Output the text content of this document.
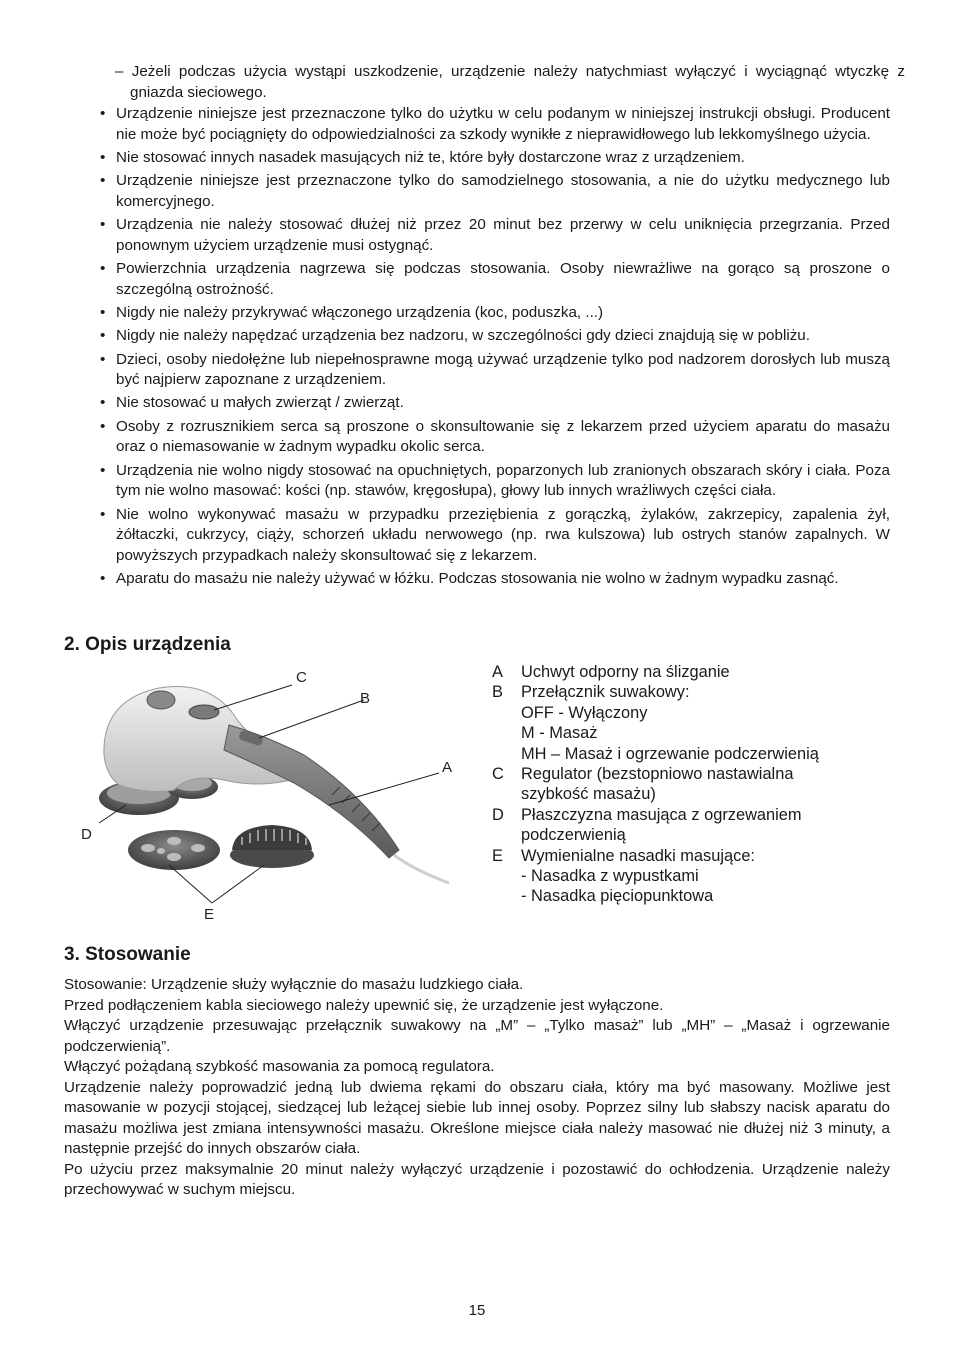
– Jeżeli podczas użycia wystąpi uszkodzenie, urządzenie należy natychmiast wyłączyć i wyciągnąć wtyczkę z gniazda sieciowego.
• Urządzenie niniejsze jest przeznaczone tylko do użytku w celu podanym w niniejszej instrukcji obsługi. Producent nie może być pociągnięty do odpowiedzialności za szkody wynikłe z nieprawidłowego lub lekkomyślnego użycia.
• Nie stosować innych nasadek masujących niż te, które były dostarczone wraz z urządzeniem.
• Urządzenie niniejsze jest przeznaczone tylko do samodzielnego stosowania, a nie do użytku medycznego lub komercyjnego.
• Urządzenia nie należy stosować dłużej niż przez 20 minut bez przerwy w celu uniknięcia przegrzania. Przed ponownym użyciem urządzenie musi ostygnąć.
• Powierzchnia urządzenia nagrzewa się podczas stosowania. Osoby niewrażliwe na gorąco są proszone o szczególną ostrożność.
• Nigdy nie należy przykrywać włączonego urządzenia (koc, poduszka, ...)
• Nigdy nie należy napędzać urządzenia bez nadzoru, w szczególności gdy dzieci znajdują się w pobliżu.
• Dzieci, osoby niedołężne lub niepełnosprawne mogą używać urządzenie tylko pod nadzorem dorosłych lub muszą być najpierw zapoznane z urządzeniem.
• Nie stosować u małych zwierząt / zwierząt.
• Osoby z rozrusznikiem serca są proszone o skonsultowanie się z lekarzem przed użyciem aparatu do masażu oraz o niemasowanie w żadnym wypadku okolic serca.
• Urządzenia nie wolno nigdy stosować na opuchniętych, poparzonych lub zranionych obszarach skóry i ciała. Poza tym nie wolno masować: kości (np. stawów, kręgosłupa), głowy lub innych wrażliwych części ciała.
• Nie wolno wykonywać masażu w przypadku przeziębienia z gorączką, żylaków, zakrzepicy, zapalenia żył, żółtaczki, cukrzycy, ciąży, schorzeń układu nerwowego (np. rwa kulszowa) lub ostrych stanów zapalnych. W powyższych przypadkach należy skonsultować się z lekarzem.
• Aparatu do masażu nie należy używać w łóżku. Podczas stosowania nie wolno w żadnym wypadku zasnąć.
2. Opis urządzenia
C
B
A
D
E
A	Uchwyt odporny na ślizganie
B	Przełącznik suwakowy:
OFF - Wyłączony
M - Masaż
MH – Masaż i ogrzewanie podczerwienią
C	Regulator (bezstopniowo nastawialna
szybkość masażu)
D	Płaszczyzna masująca z ogrzewaniem
podczerwienią
E	Wymienialne nasadki masujące:
- Nasadka z wypustkami
- Nasadka pięciopunktowa
3. Stosowanie

Stosowanie: Urządzenie służy wyłącznie do masażu ludzkiego ciała.

Przed podłączeniem kabla sieciowego należy upewnić się, że urządzenie jest wyłączone.

Włączyć urządzenie przesuwając przełącznik suwakowy na „M” – „Tylko masaż” lub „MH” – „Masaż i ogrzewanie podczerwienią”.

Włączyć pożądaną szybkość masowania za pomocą regulatora.

Urządzenie należy poprowadzić jedną lub dwiema rękami do obszaru ciała, który ma być masowany. Możliwe jest masowanie w pozycji stojącej, siedzącej lub leżącej siebie lub innej osoby. Poprzez silny lub słabszy nacisk aparatu do masażu możliwa jest zmiana intensywności masażu. Określone miejsce ciała należy masować nie dłużej niż 3 minuty, a następnie przejść do innych obszarów ciała.

Po użyciu przez maksymalnie 20 minut należy wyłączyć urządzenie i pozostawić do ochłodzenia. Urządzenie należy przechowywać w suchym miejscu.

15
